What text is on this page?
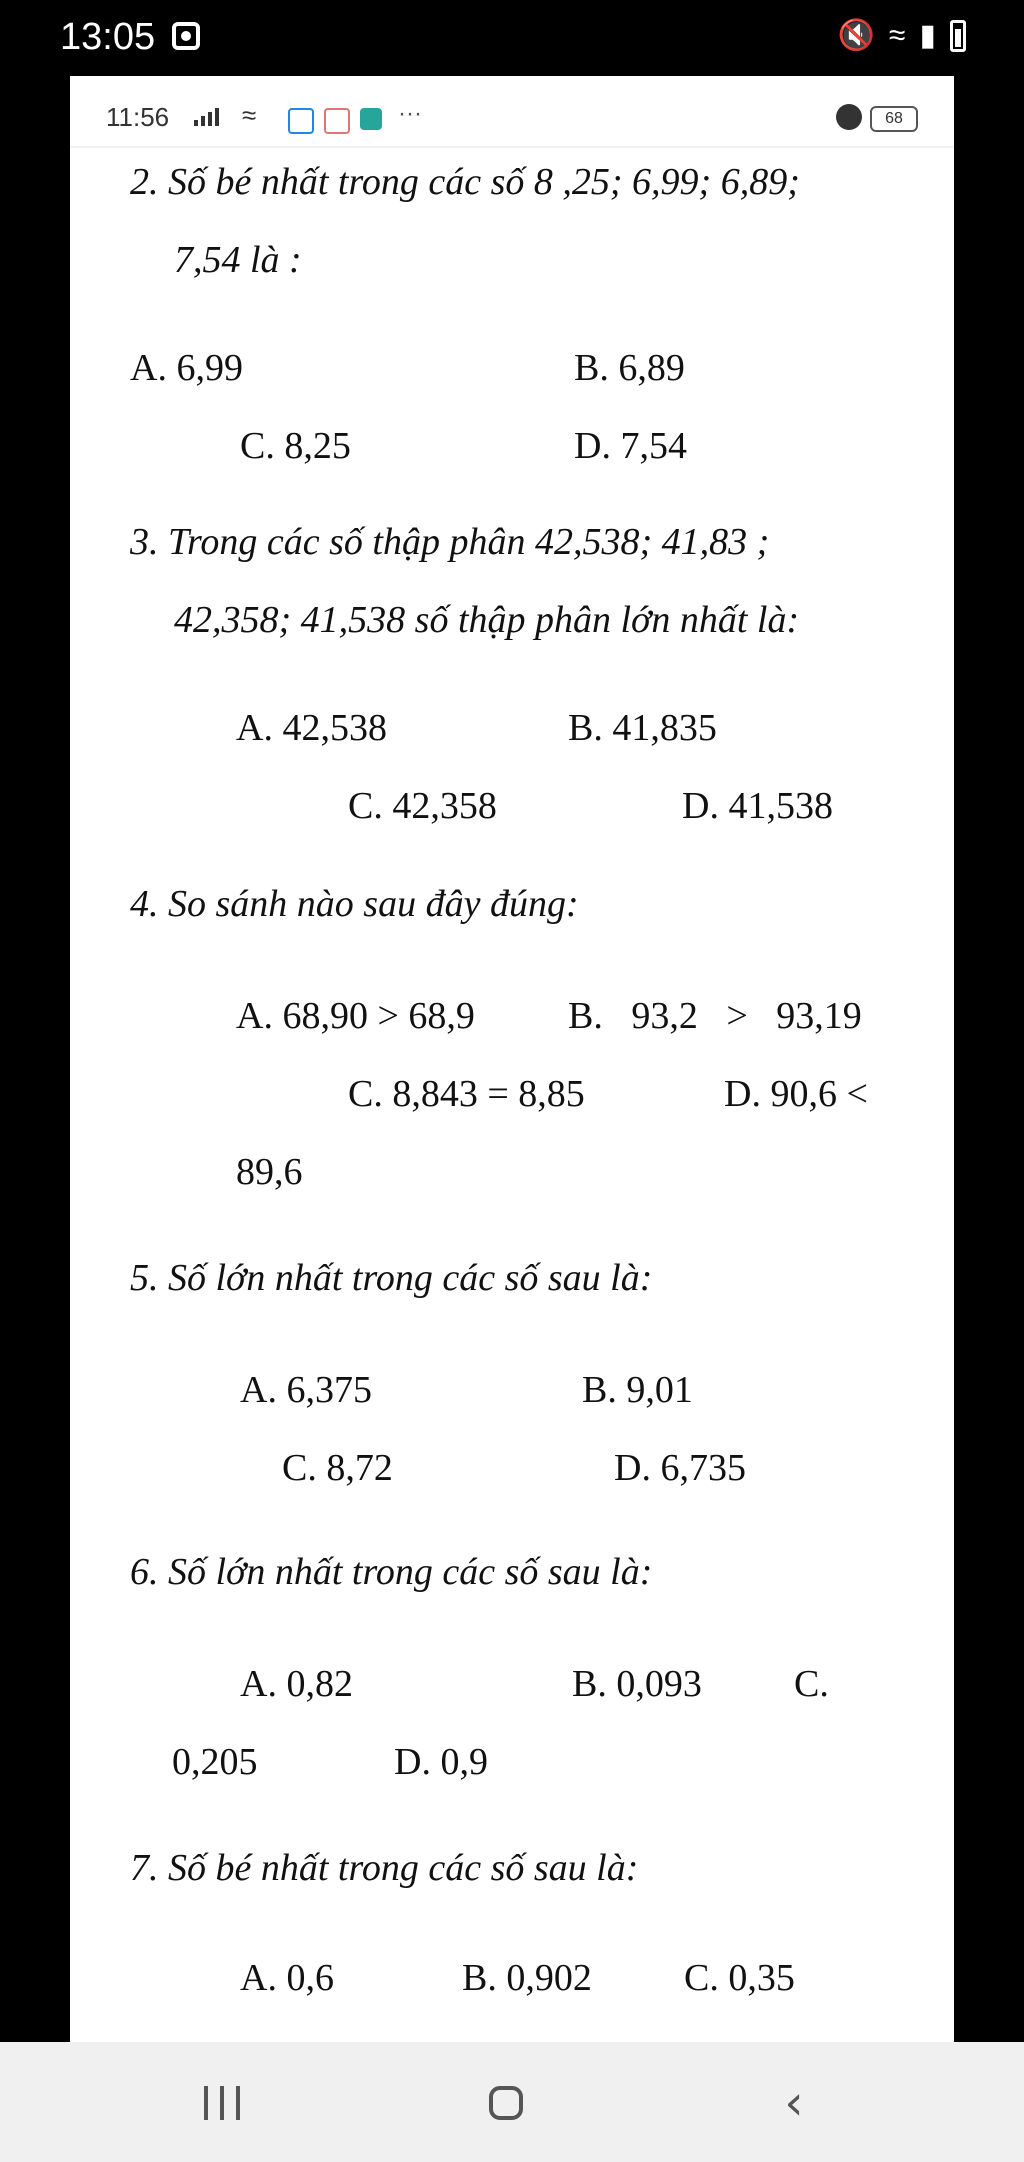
13:05	🔇 ≈ ▮
11:56	≈	···	68
2. Số bé nhất trong các số 8 ,25; 6,99; 6,89;
7,54 là :
A. 6,99	B. 6,89
C. 8,25	D. 7,54
3. Trong các số thập phân 42,538; 41,83 ;
42,358; 41,538 số thập phân lớn nhất là:
A. 42,538	B. 41,835
C. 42,358	D. 41,538
4. So sánh nào sau đây đúng:
A. 68,90 > 68,9 B.   93,2   >   93,19
C. 8,843 = 8,85	D. 90,6 <
89,6
5. Số lớn nhất trong các số sau là:
A. 6,375	B. 9,01
C. 8,72	D. 6,735
6. Số lớn nhất trong các số sau là:
A. 0,82	B. 0,093 C.
0,205	D. 0,9
7. Số bé nhất trong các số sau là:
A. 0,6	B. 0,902 C. 0,35
‹
